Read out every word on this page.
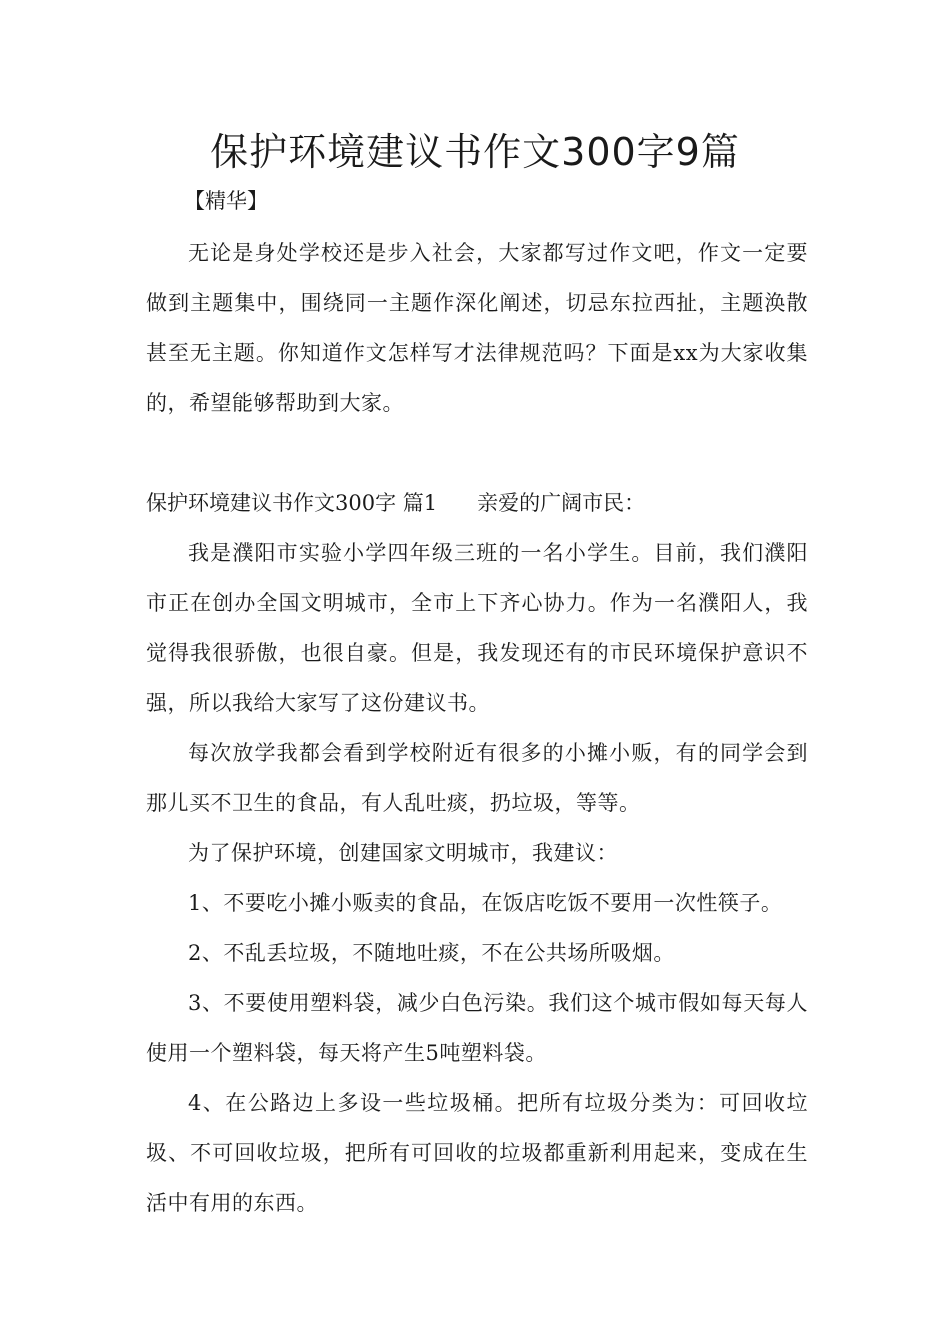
保护环境建议书作文300字9篇
【精华】

无论是身处学校还是步入社会，大家都写过作文吧，作文一定要做到主题集中，围绕同一主题作深化阐述，切忌东拉西扯，主题涣散甚至无主题。你知道作文怎样写才法律规范吗？下面是xx为大家收集的，希望能够帮助到大家。

保护环境建议书作文300字 篇1 亲爱的广阔市民：

我是濮阳市实验小学四年级三班的一名小学生。目前，我们濮阳市正在创办全国文明城市，全市上下齐心协力。作为一名濮阳人，我觉得我很骄傲，也很自豪。但是，我发现还有的市民环境保护意识不强，所以我给大家写了这份建议书。

每次放学我都会看到学校附近有很多的小摊小贩，有的同学会到那儿买不卫生的食品，有人乱吐痰，扔垃圾，等等。

为了保护环境，创建国家文明城市，我建议：

1、不要吃小摊小贩卖的食品，在饭店吃饭不要用一次性筷子。

2、不乱丢垃圾，不随地吐痰，不在公共场所吸烟。

3、不要使用塑料袋，减少白色污染。我们这个城市假如每天每人使用一个塑料袋，每天将产生5吨塑料袋。

4、在公路边上多设一些垃圾桶。把所有垃圾分类为：可回收垃圾、不可回收垃圾，把所有可回收的垃圾都重新利用起来，变成在生活中有用的东西。
